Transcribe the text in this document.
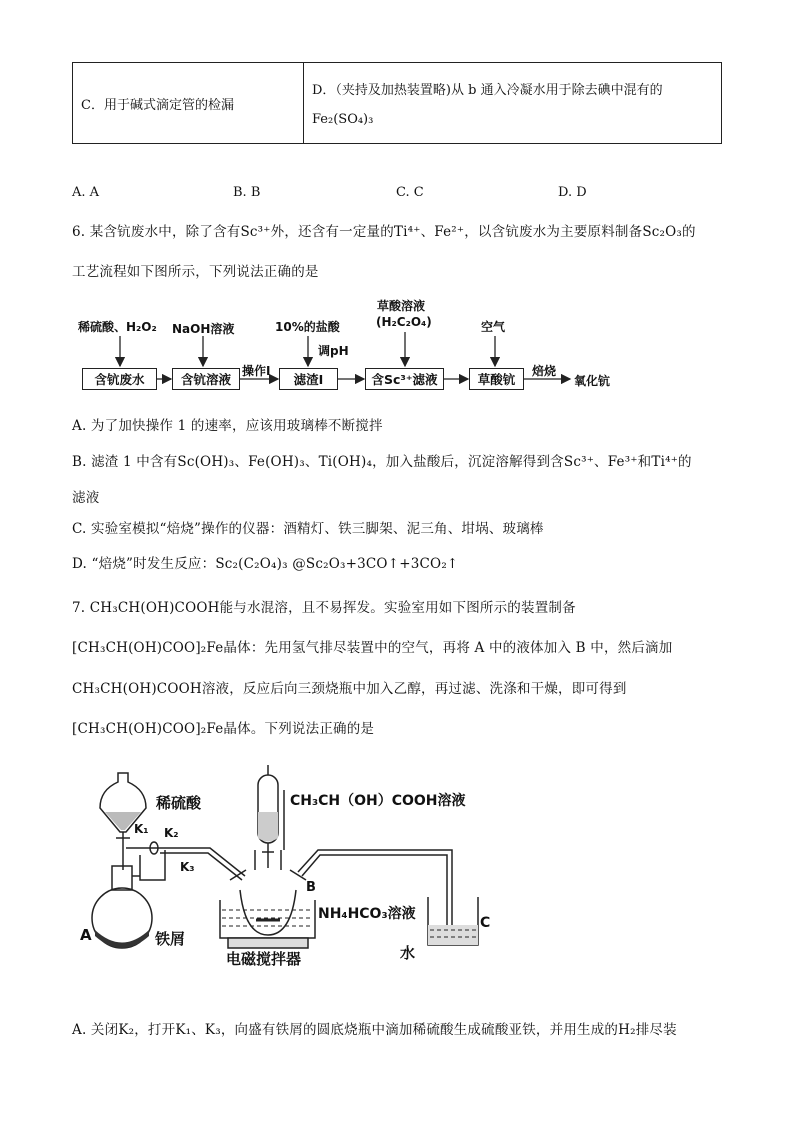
C．用于碱式滴定管的检漏	
D．（夹持及加热装置略)从 b 通入冷凝水用于除去碘中混有的
Fe₂(SO₄)₃
A. A	B. B	C. C	D. D
6. 某含钪废水中，除了含有Sc³⁺外，还含有一定量的Ti⁴⁺、Fe²⁺，以含钪废水为主要原料制备Sc₂O₃的
工艺流程如下图所示，下列说法正确的是
稀硫酸、H₂O₂ NaOH溶液	10%的盐酸
调pH
草酸溶液
(H₂C₂O₄)	空气
操作Ⅰ	焙烧
含钪废水	含钪溶液	滤渣Ⅰ	含Sc³⁺滤液	草酸钪	氧化钪
A. 为了加快操作 1 的速率，应该用玻璃棒不断搅拌
B. 滤渣 1 中含有Sc(OH)₃、Fe(OH)₃、Ti(OH)₄，加入盐酸后，沉淀溶解得到含Sc³⁺、Fe³⁺和Ti⁴⁺的
滤液
C. 实验室模拟“焙烧”操作的仪器：酒精灯、铁三脚架、泥三角、坩埚、玻璃棒
D. “焙烧”时发生反应：Sc₂(C₂O₄)₃ @Sc₂O₃+3CO↑+3CO₂↑
7. CH₃CH(OH)COOH能与水混溶，且不易挥发。实验室用如下图所示的装置制备
[CH₃CH(OH)COO]₂Fe晶体：先用氢气排尽装置中的空气，再将 A 中的液体加入 B 中，然后滴加
CH₃CH(OH)COOH溶液，反应后向三颈烧瓶中加入乙醇，再过滤、洗涤和干燥，即可得到
[CH₃CH(OH)COO]₂Fe晶体。下列说法正确的是
稀硫酸
K₁ K₂
K₃
CH₃CH（OH）COOH溶液
A	铁屑
B
NH₄HCO₃溶液
电磁搅拌器	水
C
A. 关闭K₂，打开K₁、K₃，向盛有铁屑的圆底烧瓶中滴加稀硫酸生成硫酸亚铁，并用生成的H₂排尽装
